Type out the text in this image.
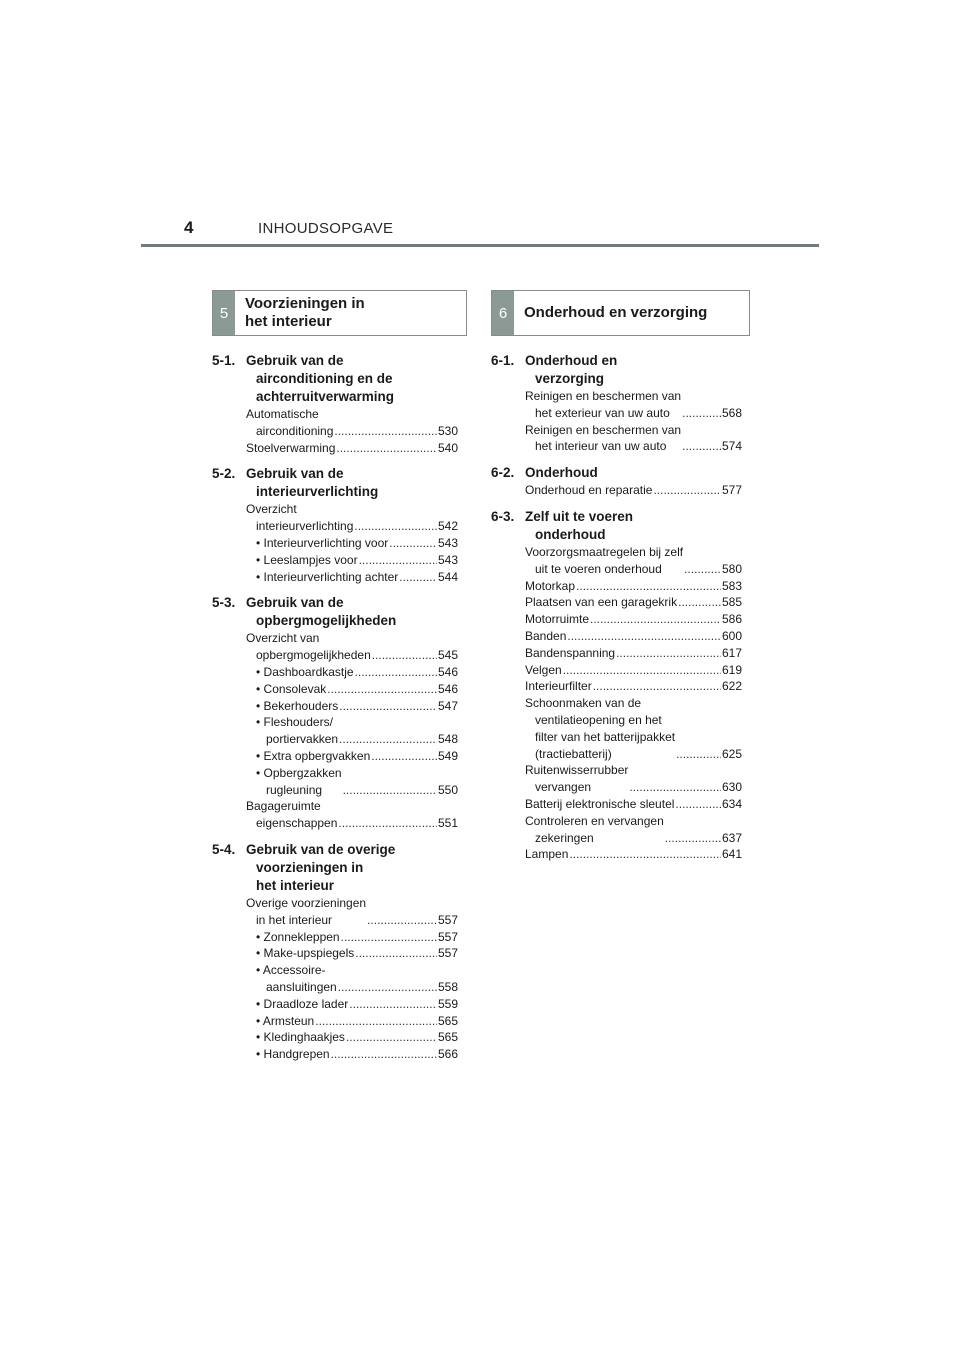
4	INHOUDSOPGAVE
5
Voorzieningen in
het interieur	6	Onderhoud en verzorging
5-1. Gebruik van de
airconditioning en de
achterruitverwarming
Automatische
airconditioning .....	530
Stoelverwarming .....	540
5-2. Gebruik van de
interieurverlichting
Overzicht
interieurverlichting .....	542
• Interieurverlichting voor .....	543
• Leeslampjes voor .....	543
• Interieurverlichting achter .....	544
5-3. Gebruik van de
opbergmogelijkheden
Overzicht van
opbergmogelijkheden .....	545
• Dashboardkastje .....	546
• Consolevak .....	546
• Bekerhouders .....	547
• Fleshouders/
portiervakken .....	548
• Extra opbergvakken .....	549
• Opbergzakken
rugleuning .....	550
Bagageruimte
eigenschappen .....	551
5-4. Gebruik van de overige
voorzieningen in
het interieur
Overige voorzieningen
in het interieur .....	557
• Zonnekleppen .....	557
• Make-upspiegels .....	557
• Accessoire-
aansluitingen .....	558
• Draadloze lader .....	559
• Armsteun .....	565
• Kledinghaakjes .....	565
• Handgrepen .....	566
6-1. Onderhoud en
verzorging
Reinigen en beschermen van
het exterieur van uw auto .....	568
Reinigen en beschermen van
het interieur van uw auto .....	574
6-2. Onderhoud
Onderhoud en reparatie .....	577
6-3. Zelf uit te voeren
onderhoud
Voorzorgsmaatregelen bij zelf
uit te voeren onderhoud .....	580
Motorkap .....	583
Plaatsen van een garagekrik .....	585
Motorruimte .....	586
Banden .....	600
Bandenspanning .....	617
Velgen .....	619
Interieurfilter .....	622
Schoonmaken van de
ventilatieopening en het
filter van het batterijpakket
(tractiebatterij) .....	625
Ruitenwisserrubber
vervangen .....	630
Batterij elektronische sleutel .....	634
Controleren en vervangen
zekeringen .....	637
Lampen .....	641
